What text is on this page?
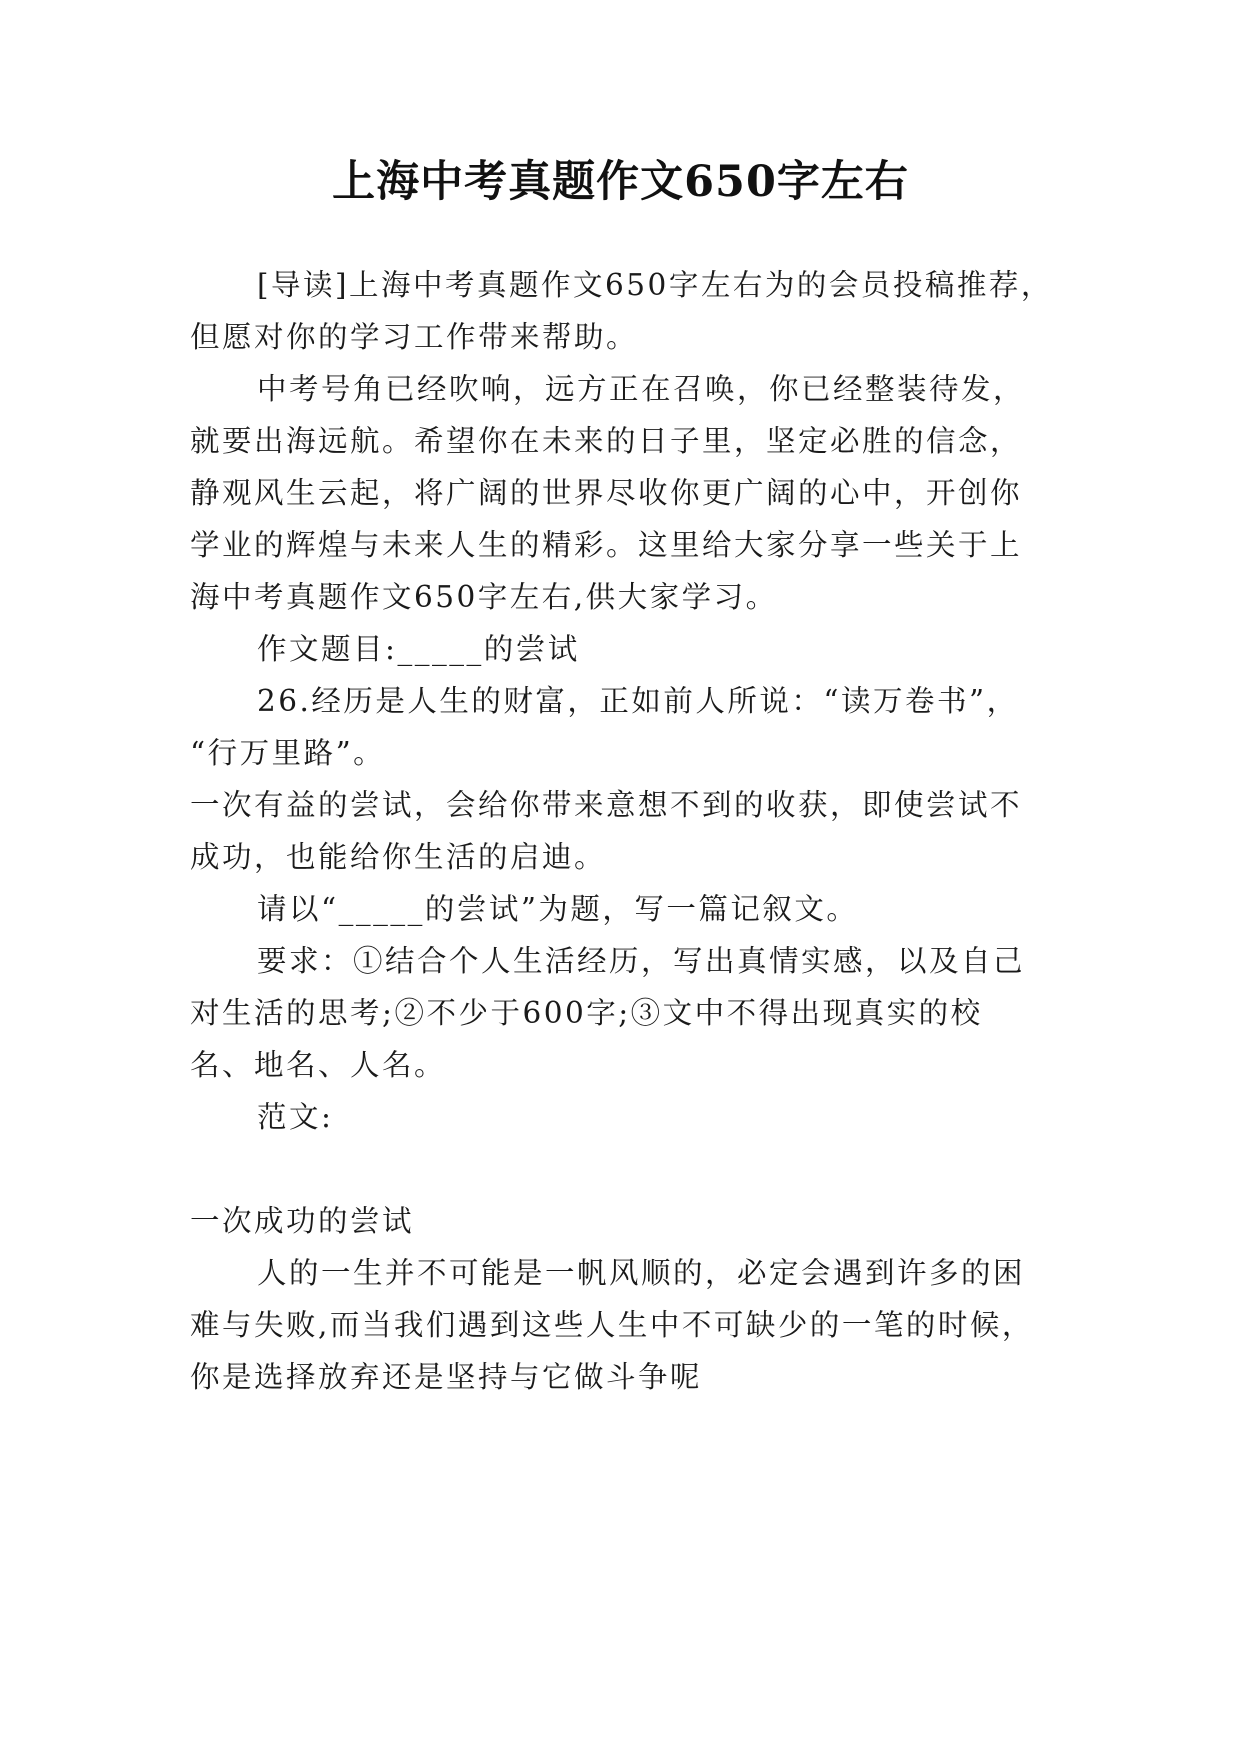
上海中考真题作文650字左右
[导读]上海中考真题作文650字左右为的会员投稿推荐，
但愿对你的学习工作带来帮助。
中考号角已经吹响，远方正在召唤，你已经整装待发，
就要出海远航。希望你在未来的日子里，坚定必胜的信念，
静观风生云起，将广阔的世界尽收你更广阔的心中，开创你
学业的辉煌与未来人生的精彩。这里给大家分享一些关于上
海中考真题作文650字左右,供大家学习。
作文题目:_____的尝试
26.经历是人生的财富，正如前人所说：“读万卷书”，
“行万里路”。
一次有益的尝试，会给你带来意想不到的收获，即使尝试不
成功，也能给你生活的启迪。
请以“_____的尝试”为题，写一篇记叙文。
要求：①结合个人生活经历，写出真情实感，以及自己
对生活的思考;②不少于600字;③文中不得出现真实的校
名、地名、人名。
范文:
一次成功的尝试
人的一生并不可能是一帆风顺的，必定会遇到许多的困
难与失败,而当我们遇到这些人生中不可缺少的一笔的时候，
你是选择放弃还是坚持与它做斗争呢
